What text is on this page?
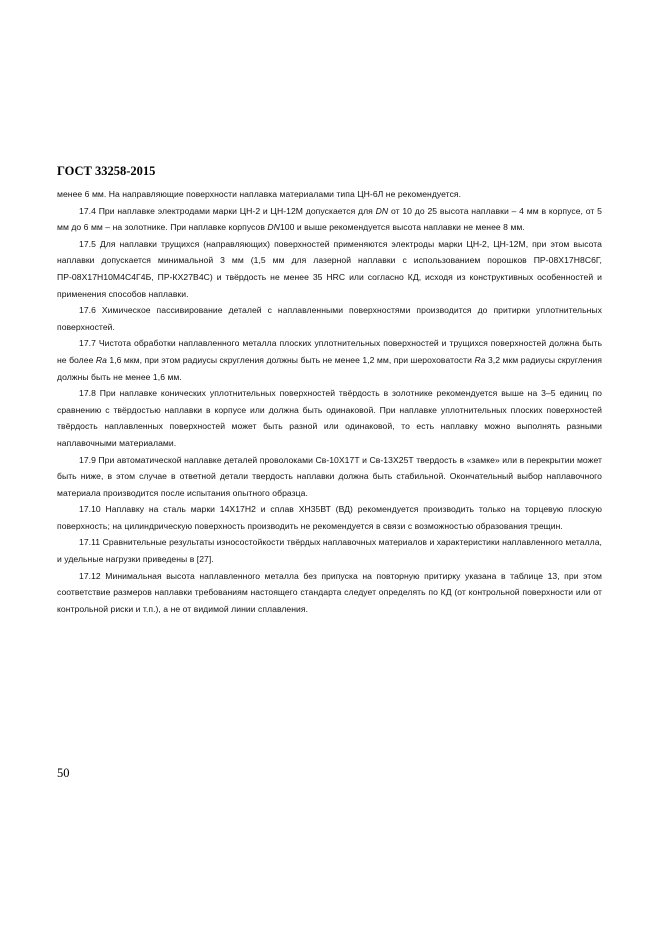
ГОСТ 33258-2015

менее 6 мм. На направляющие поверхности наплавка материалами типа ЦН-6Л не рекомендуется.

17.4 При наплавке электродами марки ЦН-2 и ЦН-12М допускается для DN от 10 до 25 высота наплавки – 4 мм в корпусе, от 5 мм до 6 мм – на золотнике. При наплавке корпусов DN100 и выше рекомендуется высота наплавки не менее 8 мм.

17.5 Для наплавки трущихся (направляющих) поверхностей применяются электроды марки ЦН-2, ЦН-12М, при этом высота наплавки допускается минимальной 3 мм (1,5 мм для лазерной наплавки с использованием порошков ПР-08Х17Н8С6Г, ПР-08Х17Н10М4С4Г4Б, ПР-КХ27В4С) и твёрдость не менее 35 HRC или согласно КД, исходя из конструктивных особенностей и применения способов наплавки.

17.6 Химическое пассивирование деталей с наплавленными поверхностями производится до притирки уплотнительных поверхностей.

17.7 Чистота обработки наплавленного металла плоских уплотнительных поверхностей и трущихся поверхностей должна быть не более Ra 1,6 мкм, при этом радиусы скругления должны быть не менее 1,2 мм, при шероховатости Ra 3,2 мкм радиусы скругления должны быть не менее 1,6 мм.

17.8 При наплавке конических уплотнительных поверхностей твёрдость в золотнике рекомендуется выше на 3–5 единиц по сравнению с твёрдостью наплавки в корпусе или должна быть одинаковой. При наплавке уплотнительных плоских поверхностей твёрдость наплавленных поверхностей может быть разной или одинаковой, то есть наплавку можно выполнять разными наплавочными материалами.

17.9 При автоматической наплавке деталей проволоками Св-10Х17Т и Св-13Х25Т твердость в «замке» или в перекрытии может быть ниже, в этом случае в ответной детали твердость наплавки должна быть стабильной. Окончательный выбор наплавочного материала производится после испытания опытного образца.

17.10 Наплавку на сталь марки 14Х17Н2 и сплав ХН35ВТ (ВД) рекомендуется производить только на торцевую плоскую поверхность; на цилиндрическую поверхность производить не рекомендуется в связи с возможностью образования трещин.

17.11 Сравнительные результаты износостойкости твёрдых наплавочных материалов и характеристики наплавленного металла, и удельные нагрузки приведены в [27].

17.12 Минимальная высота наплавленного металла без припуска на повторную притирку указана в таблице 13, при этом соответствие размеров наплавки требованиям настоящего стандарта следует определять по КД (от контрольной поверхности или от контрольной риски и т.п.), а не от видимой линии сплавления.

50
